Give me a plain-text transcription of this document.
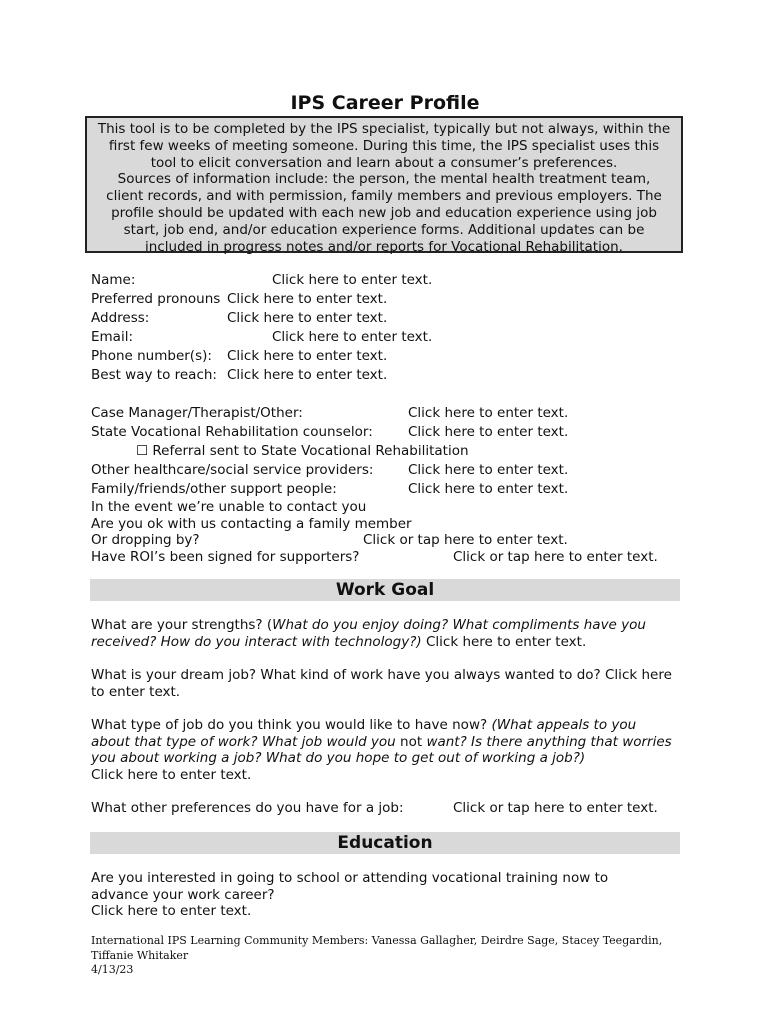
IPS Career Profile

This tool is to be completed by the IPS specialist, typically but not always, within the

first few weeks of meeting someone. During this time, the IPS specialist uses this

tool to elicit conversation and learn about a consumer’s preferences.

Sources of information include: the person, the mental health treatment team,

client records, and with permission, family members and previous employers. The

profile should be updated with each new job and education experience using job

start, job end, and/or education experience forms. Additional updates can be

included in progress notes and/or reports for Vocational Rehabilitation.

Name:	Click here to enter text.
Preferred pronouns Click here to enter text.
Address:	Click here to enter text.
Email:	Click here to enter text.
Phone number(s): Click here to enter text.
Best way to reach: Click here to enter text.
Case Manager/Therapist/Other:	Click here to enter text.
State Vocational Rehabilitation counselor:	Click here to enter text.
☐ Referral sent to State Vocational Rehabilitation
Other healthcare/social service providers:	Click here to enter text.
Family/friends/other support people:	Click here to enter text.
In the event we’re unable to contact you
Are you ok with us contacting a family member
Or dropping by?	Click or tap here to enter text.
Have ROI’s been signed for supporters?	Click or tap here to enter text.
Work Goal
What are your strengths? (What do you enjoy doing? What compliments have you received? How do you interact with technology?) Click here to enter text.
What is your dream job? What kind of work have you always wanted to do? Click here to enter text.
What type of job do you think you would like to have now? (What appeals to you about that type of work? What job would you not want? Is there anything that worries you about working a job? What do you hope to get out of working a job?)
Click here to enter text.
What other preferences do you have for a job:	Click or tap here to enter text.
Education
Are you interested in going to school or attending vocational training now to
advance your work career?
Click here to enter text.
International IPS Learning Community Members: Vanessa Gallagher, Deirdre Sage, Stacey Teegardin, Tiffanie Whitaker
4/13/23
